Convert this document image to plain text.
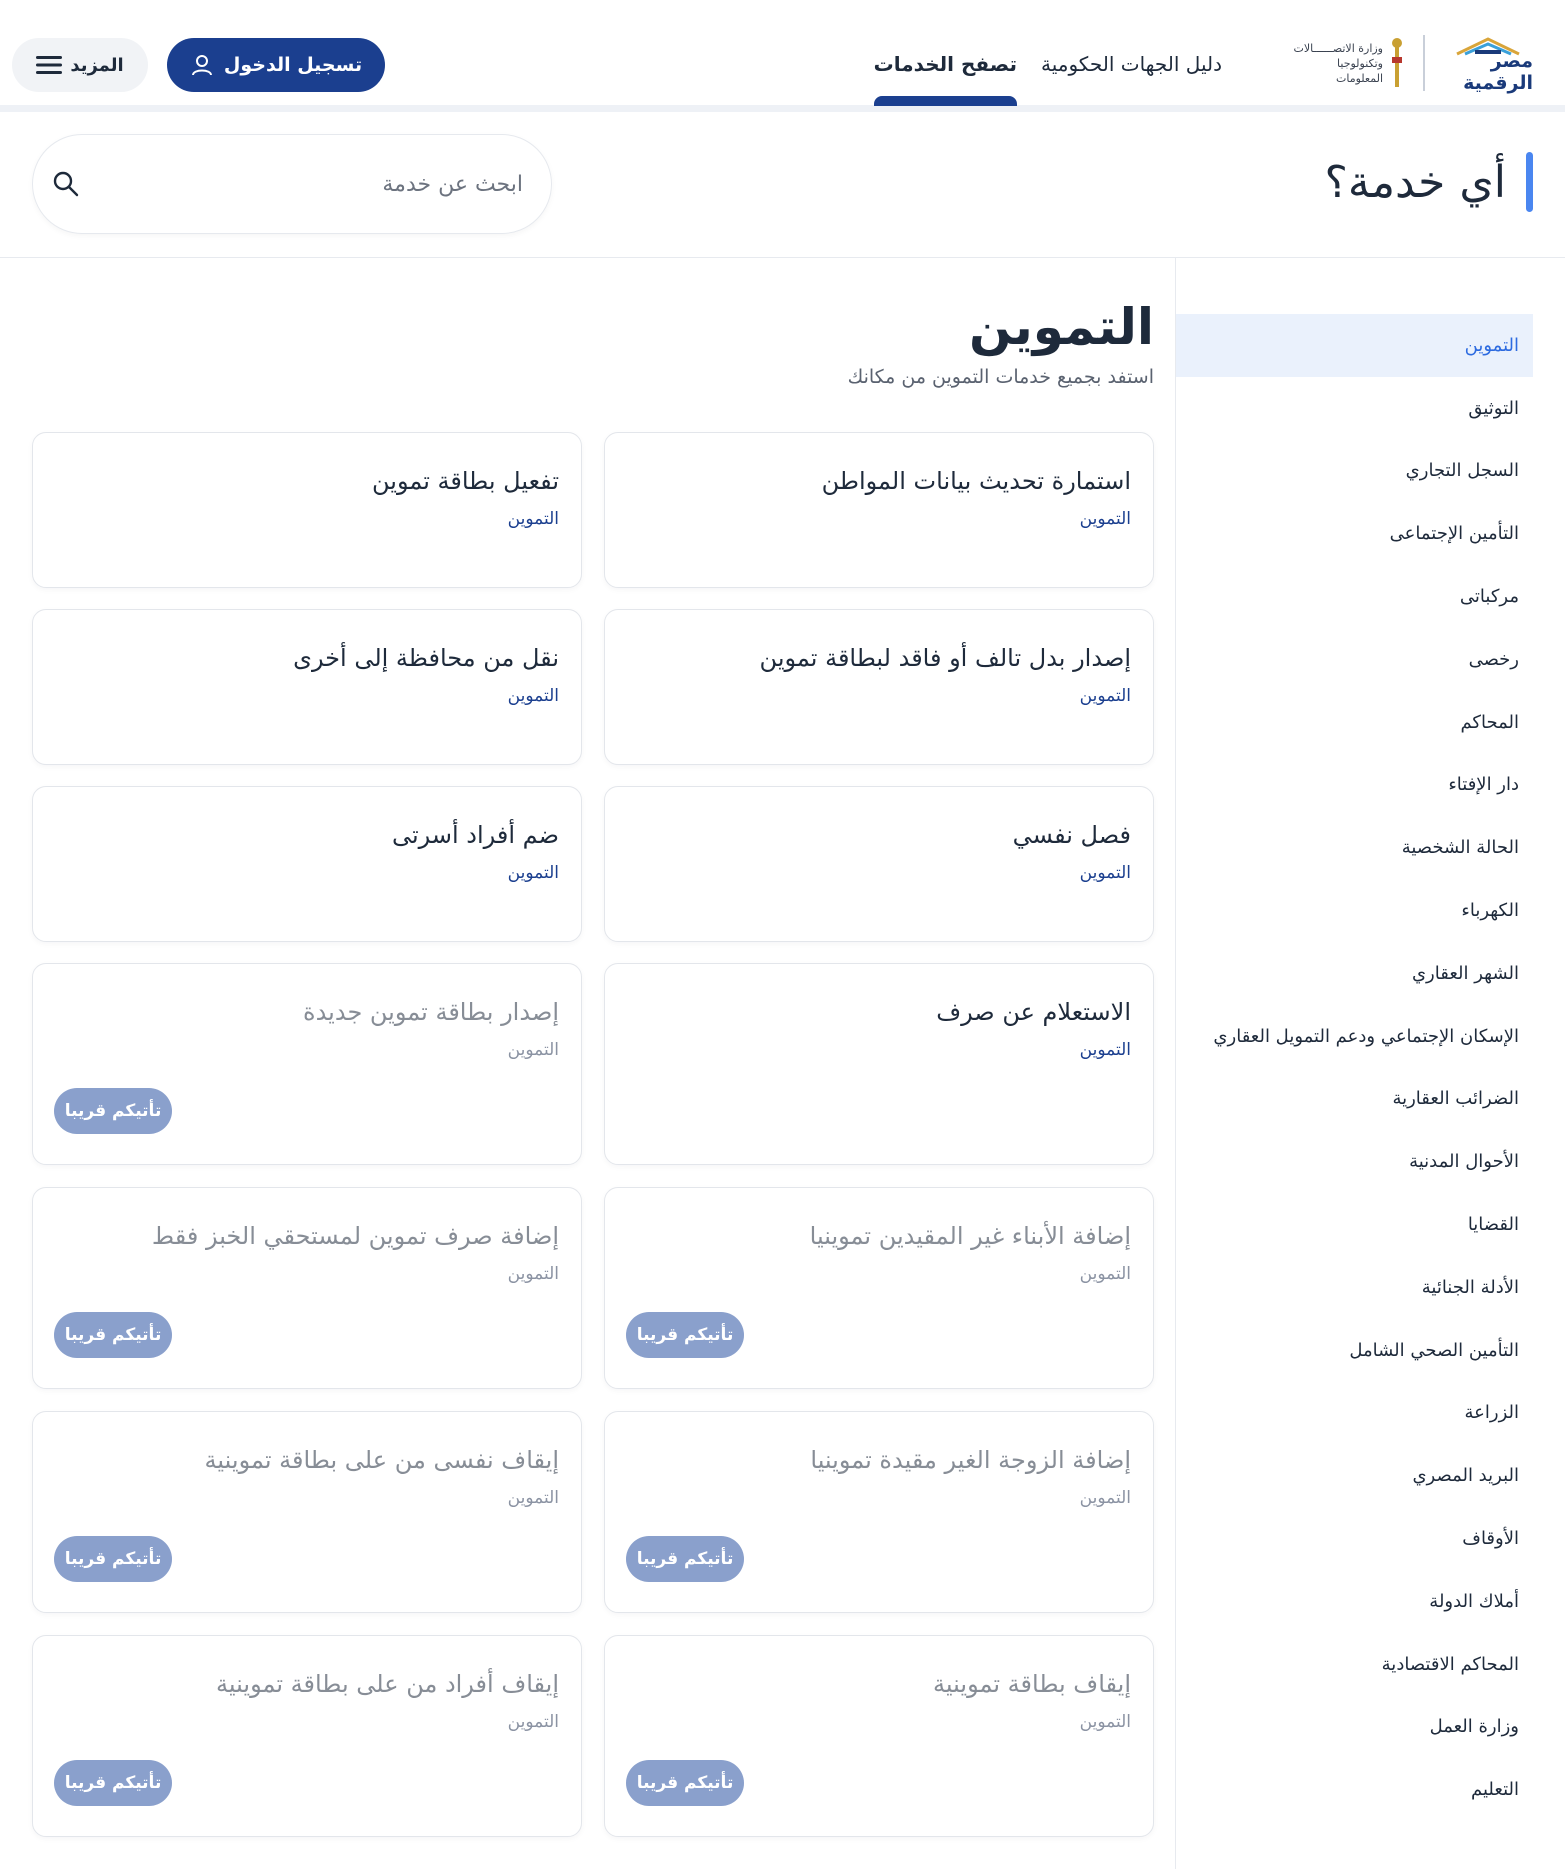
مصر الرقمية
وزارة الاتصــــــالات وتكنولوجيا المعلومات
تصفح الخدمات دليل الجهات الحكومية
تسجيل الدخول
المزيد
أي خدمة؟
ابحث عن خدمة
التموين
التوثيق
السجل التجاري
التأمين الإجتماعى
مركباتى
رخصى
المحاكم
دار الإفتاء
الحالة الشخصية
الكهرباء
الشهر العقاري
الإسكان الإجتماعي ودعم التمويل العقاري
الضرائب العقارية
الأحوال المدنية
القضايا
الأدلة الجنائية
التأمين الصحي الشامل
الزراعة
البريد المصري
الأوقاف
أملاك الدولة
المحاكم الاقتصادية
وزارة العمل
التعليم
التموين
استفد بجميع خدمات التموين من مكانك
استمارة تحديث بيانات المواطن
التموين
تفعيل بطاقة تموين
التموين
إصدار بدل تالف أو فاقد لبطاقة تموين
التموين
نقل من محافظة إلى أخرى
التموين
فصل نفسي
التموين
ضم أفراد أسرتى
التموين
الاستعلام عن صرف
التموين
إصدار بطاقة تموين جديدة
التموين
تأتيكم قريبا
إضافة الأبناء غير المقيدين تموينيا
التموين
تأتيكم قريبا
إضافة صرف تموين لمستحقي الخبز فقط
التموين
تأتيكم قريبا
إضافة الزوجة الغير مقيدة تموينيا
التموين
تأتيكم قريبا
إيقاف نفسى من على بطاقة تموينية
التموين
تأتيكم قريبا
إيقاف بطاقة تموينية
التموين
تأتيكم قريبا
إيقاف أفراد من على بطاقة تموينية
التموين
تأتيكم قريبا
